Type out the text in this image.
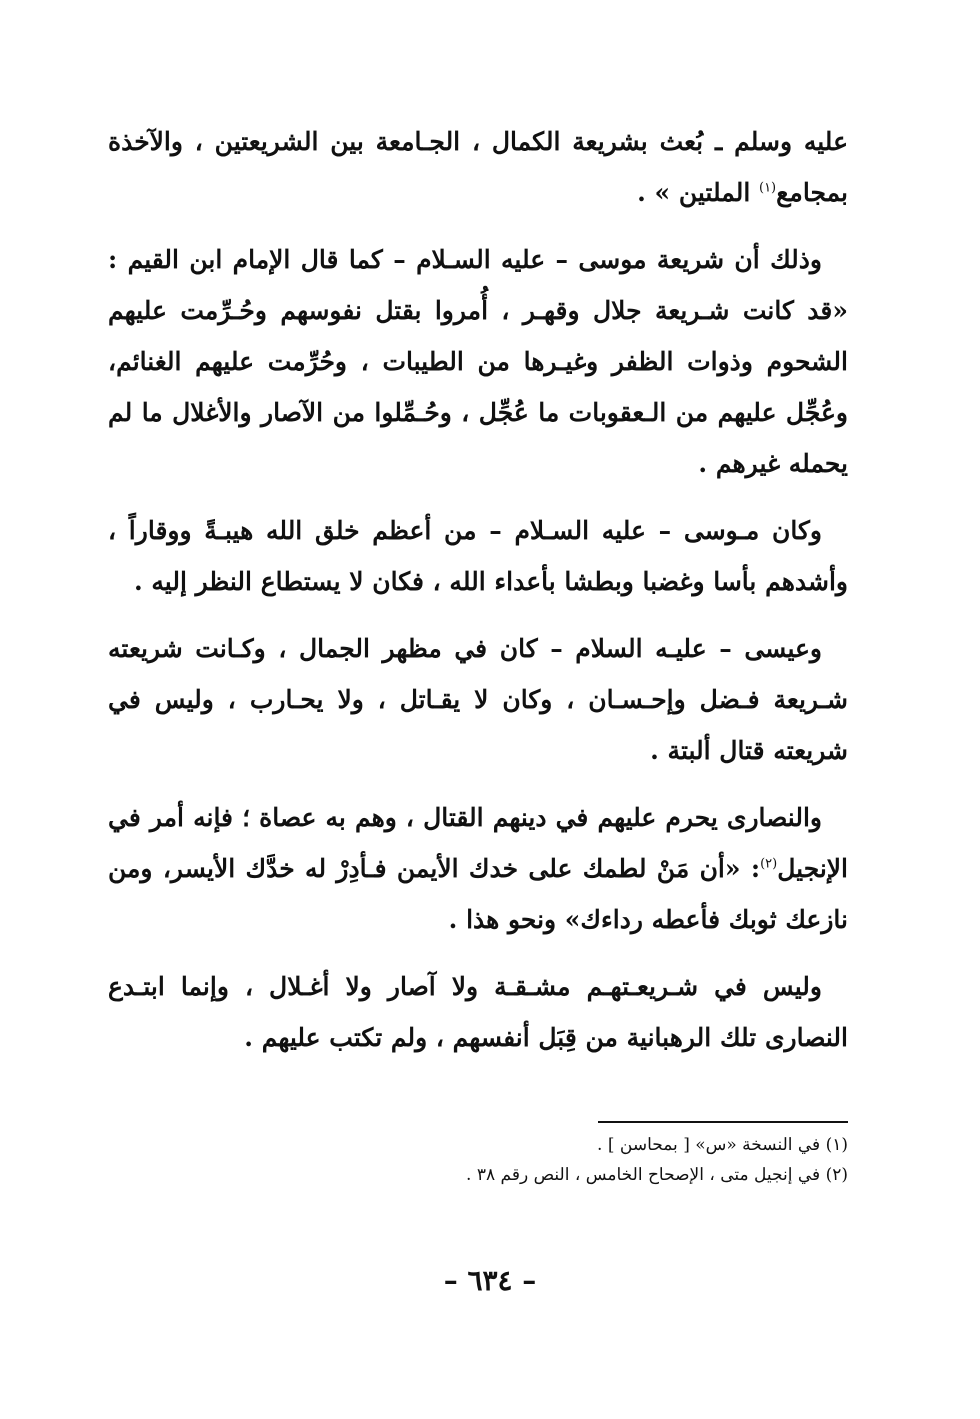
عليه وسلم ـ بُعث بشريعة الكمال ، الجـامعة بين الشريعتين ، والآخذة بمجامع$^{(١)}$ الملتين » .

وذلك أن شريعة موسى – عليه السـلام – كما قال الإمام ابن القيم : «قد كانت شـريعة جلال وقهـر ، أُمروا بقتل نفوسهم وحُـرِّمت عليهم الشحوم وذوات الظفر وغيـرها من الطيبات ، وحُرِّمت عليهم الغنائم، وعُجِّل عليهم من الـعقوبات ما عُجِّل ، وحُـمِّلوا من الآصار والأغلال ما لم يحمله غيرهم .

وكان مـوسى – عليه السـلام – من أعظم خلق الله هيبـةً ووقاراً ، وأشدهم بأسا وغضبا وبطشا بأعداء الله ، فكان لا يستطاع النظر إليه .

وعيسى – عليـه السلام – كان في مظهر الجمال ، وكـانت شريعته شـريعة فـضل وإحـسـان ، وكان لا يقـاتل ، ولا يحـارب ، وليس في شريعته قتال ألبتة .

والنصارى يحرم عليهم في دينهم القتال ، وهم به عصاة ؛ فإنه أمر في الإنجيل$^{(٢)}$: «أن مَنْ لطمك على خدك الأيمن فـأدِرْ له خدَّك الأيسر، ومن نازعك ثوبك فأعطه رداءك» ونحو هذا .

وليس في شـريعـتهـم مشـقـة ولا آصار ولا أغـلال ، وإنما ابتـدع النصارى تلك الرهبانية من قِبَل أنفسهم ، ولم تكتب عليهم .

(١) في النسخة «س» [ بمحاسن ] .

(٢) في إنجيل متى ، الإصحاح الخامس ، النص رقم ٣٨ .

– ٦٣٤ –
